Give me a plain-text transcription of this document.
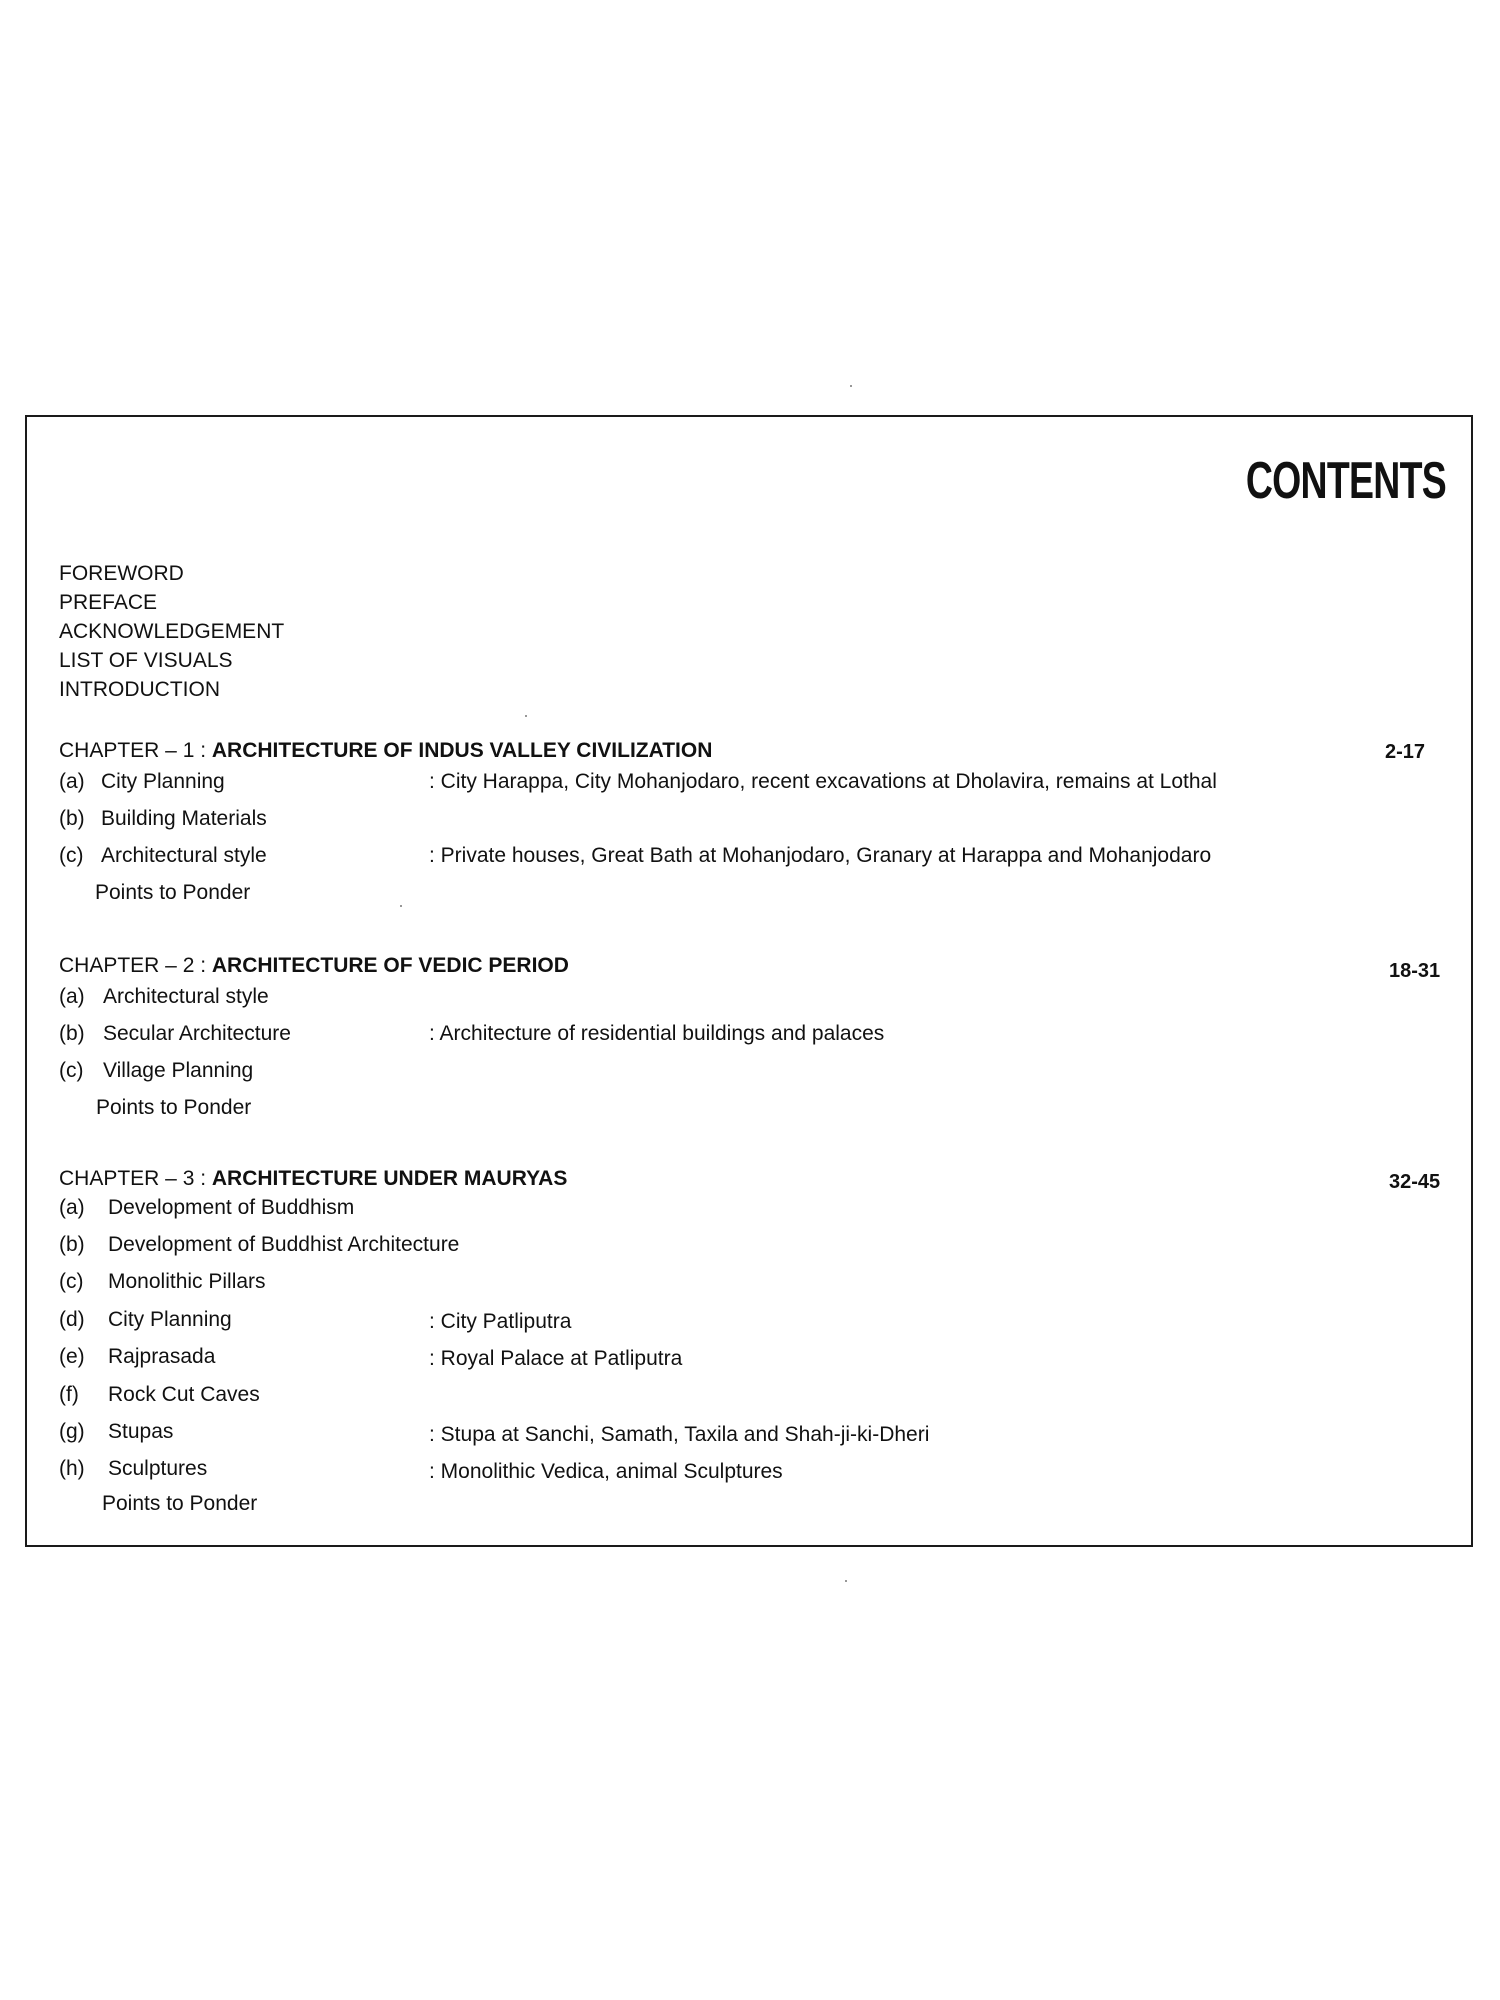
CONTENTS
FOREWORD
PREFACE
ACKNOWLEDGEMENT
LIST OF VISUALS
INTRODUCTION
CHAPTER – 1 : ARCHITECTURE OF INDUS VALLEY CIVILIZATION	2-17
(a) City Planning	: City Harappa, City Mohanjodaro, recent excavations at Dholavira, remains at Lothal
(b) Building Materials
(c) Architectural style	: Private houses, Great Bath at Mohanjodaro, Granary at Harappa and Mohanjodaro
Points to Ponder
CHAPTER – 2 : ARCHITECTURE OF VEDIC PERIOD	18-31
(a) Architectural style
(b) Secular Architecture	: Architecture of residential buildings and palaces
(c) Village Planning
Points to Ponder
CHAPTER – 3 : ARCHITECTURE UNDER MAURYAS	32-45
(a) Development of Buddhism
(b) Development of Buddhist Architecture
(c) Monolithic Pillars
(d) City Planning	: City Patliputra
(e) Rajprasada	: Royal Palace at Patliputra
(f) Rock Cut Caves
(g) Stupas	: Stupa at Sanchi, Samath, Taxila and Shah-ji-ki-Dheri
(h) Sculptures	: Monolithic Vedica, animal Sculptures
Points to Ponder
